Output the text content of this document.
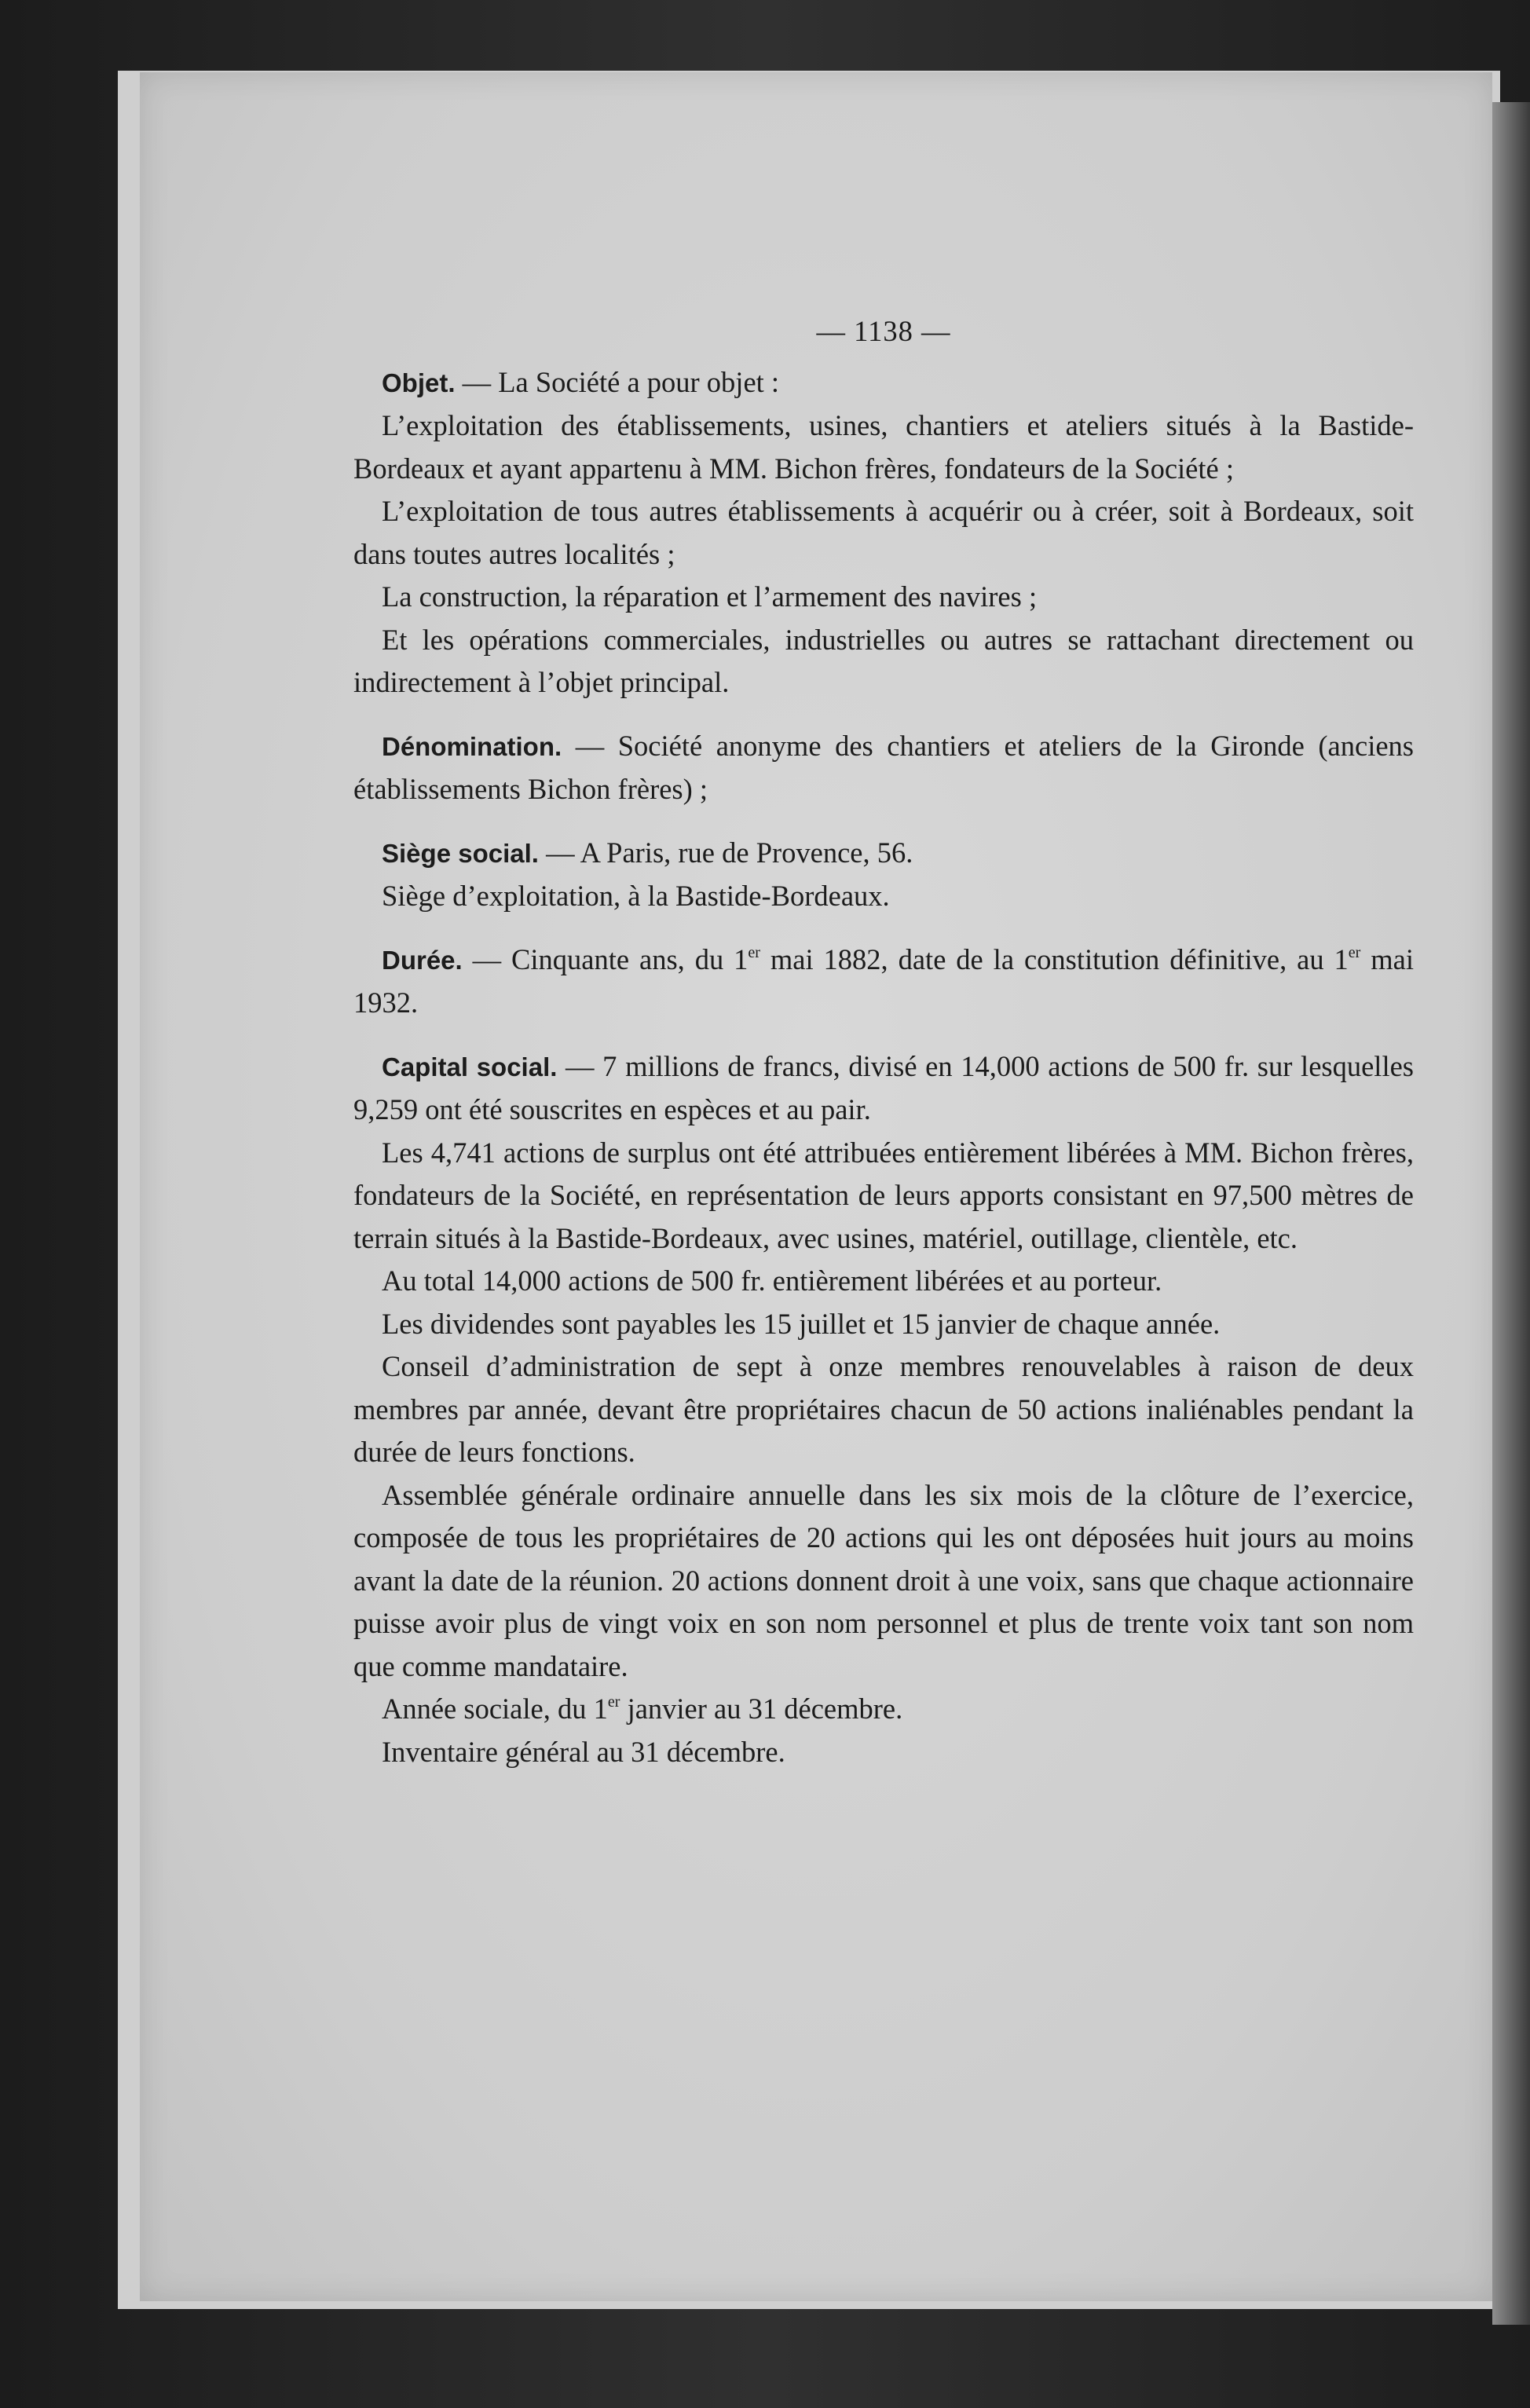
— 1138 —

Objet. — La Société a pour objet :

L’exploitation des établissements, usines, chantiers et ateliers situés à la Bastide-Bordeaux et ayant appartenu à MM. Bichon frères, fondateurs de la Société ;

L’exploitation de tous autres établissements à acquérir ou à créer, soit à Bordeaux, soit dans toutes autres localités ;

La construction, la réparation et l’armement des navires ;

Et les opérations commerciales, industrielles ou autres se rattachant directement ou indirectement à l’objet principal.

Dénomination. — Société anonyme des chantiers et ateliers de la Gironde (anciens établissements Bichon frères) ;

Siège social. — A Paris, rue de Provence, 56.

Siège d’exploitation, à la Bastide-Bordeaux.

Durée. — Cinquante ans, du 1er mai 1882, date de la constitution définitive, au 1er mai 1932.

Capital social. — 7 millions de francs, divisé en 14,000 actions de 500 fr. sur lesquelles 9,259 ont été souscrites en espèces et au pair.

Les 4,741 actions de surplus ont été attribuées entièrement libérées à MM. Bichon frères, fondateurs de la Société, en représentation de leurs apports consistant en 97,500 mètres de terrain situés à la Bastide-Bordeaux, avec usines, matériel, outillage, clientèle, etc.

Au total 14,000 actions de 500 fr. entièrement libérées et au porteur.

Les dividendes sont payables les 15 juillet et 15 janvier de chaque année.

Conseil d’administration de sept à onze membres renouvelables à raison de deux membres par année, devant être propriétaires chacun de 50 actions inaliénables pendant la durée de leurs fonctions.

Assemblée générale ordinaire annuelle dans les six mois de la clôture de l’exercice, composée de tous les propriétaires de 20 actions qui les ont déposées huit jours au moins avant la date de la réunion. 20 actions donnent droit à une voix, sans que chaque actionnaire puisse avoir plus de vingt voix en son nom personnel et plus de trente voix tant son nom que comme mandataire.

Année sociale, du 1er janvier au 31 décembre.

Inventaire général au 31 décembre.
